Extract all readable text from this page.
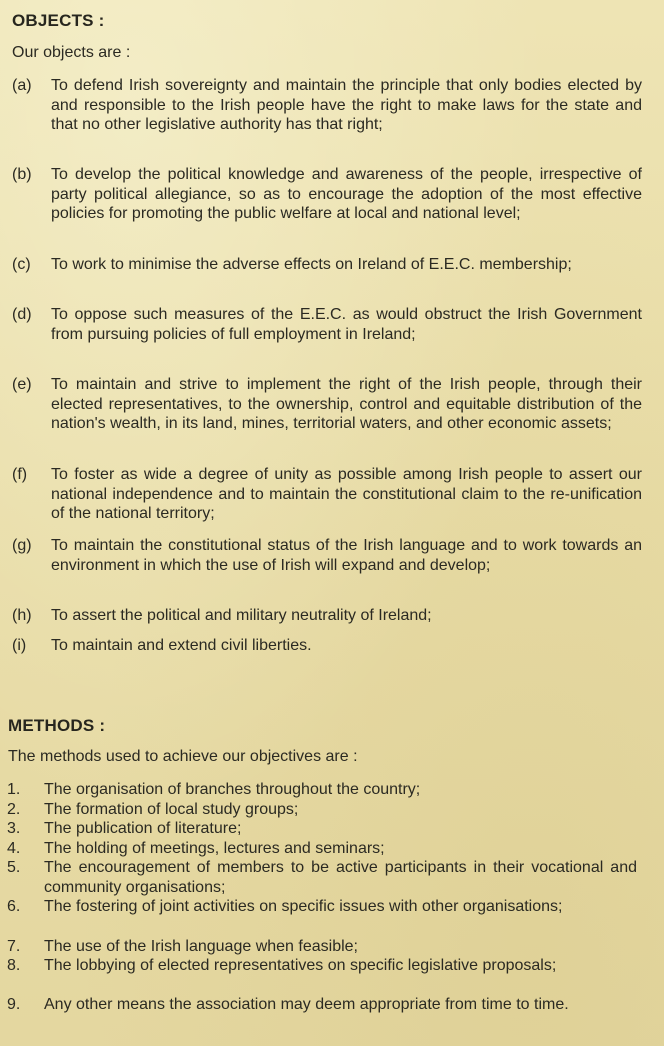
OBJECTS :
Our objects are :
(a)	To defend Irish sovereignty and maintain the principle that only bodies elected by and responsible to the Irish people have the right to make laws for the state and that no other legislative authority has that right;
(b)	To develop the political knowledge and awareness of the people, irrespective of party political allegiance, so as to encourage the adoption of the most effective policies for promoting the public welfare at local and national level;
(c)	To work to minimise the adverse effects on Ireland of E.E.C. membership;
(d)	To oppose such measures of the E.E.C. as would obstruct the Irish Government from pursuing policies of full employment in Ireland;
(e)	To maintain and strive to implement the right of the Irish people, through their elected representatives, to the ownership, control and equitable distribution of the nation's wealth, in its land, mines, territorial waters, and other economic assets;
(f)	To foster as wide a degree of unity as possible among Irish people to assert our national independence and to maintain the constitutional claim to the re-unification of the national territory;
(g)	To maintain the constitutional status of the Irish language and to work towards an environment in which the use of Irish will expand and develop;
(h)	To assert the political and military neutrality of Ireland;
(i)	To maintain and extend civil liberties.
METHODS :
The methods used to achieve our objectives are :
1.	The organisation of branches throughout the country;
2.	The formation of local study groups;
3.	The publication of literature;
4.	The holding of meetings, lectures and seminars;
5.	The encouragement of members to be active participants in their vocational and community organisations;
6.	The fostering of joint activities on specific issues with other organisations;
7.	The use of the Irish language when feasible;
8.	The lobbying of elected representatives on specific legislative proposals;
9.	Any other means the association may deem appropriate from time to time.
